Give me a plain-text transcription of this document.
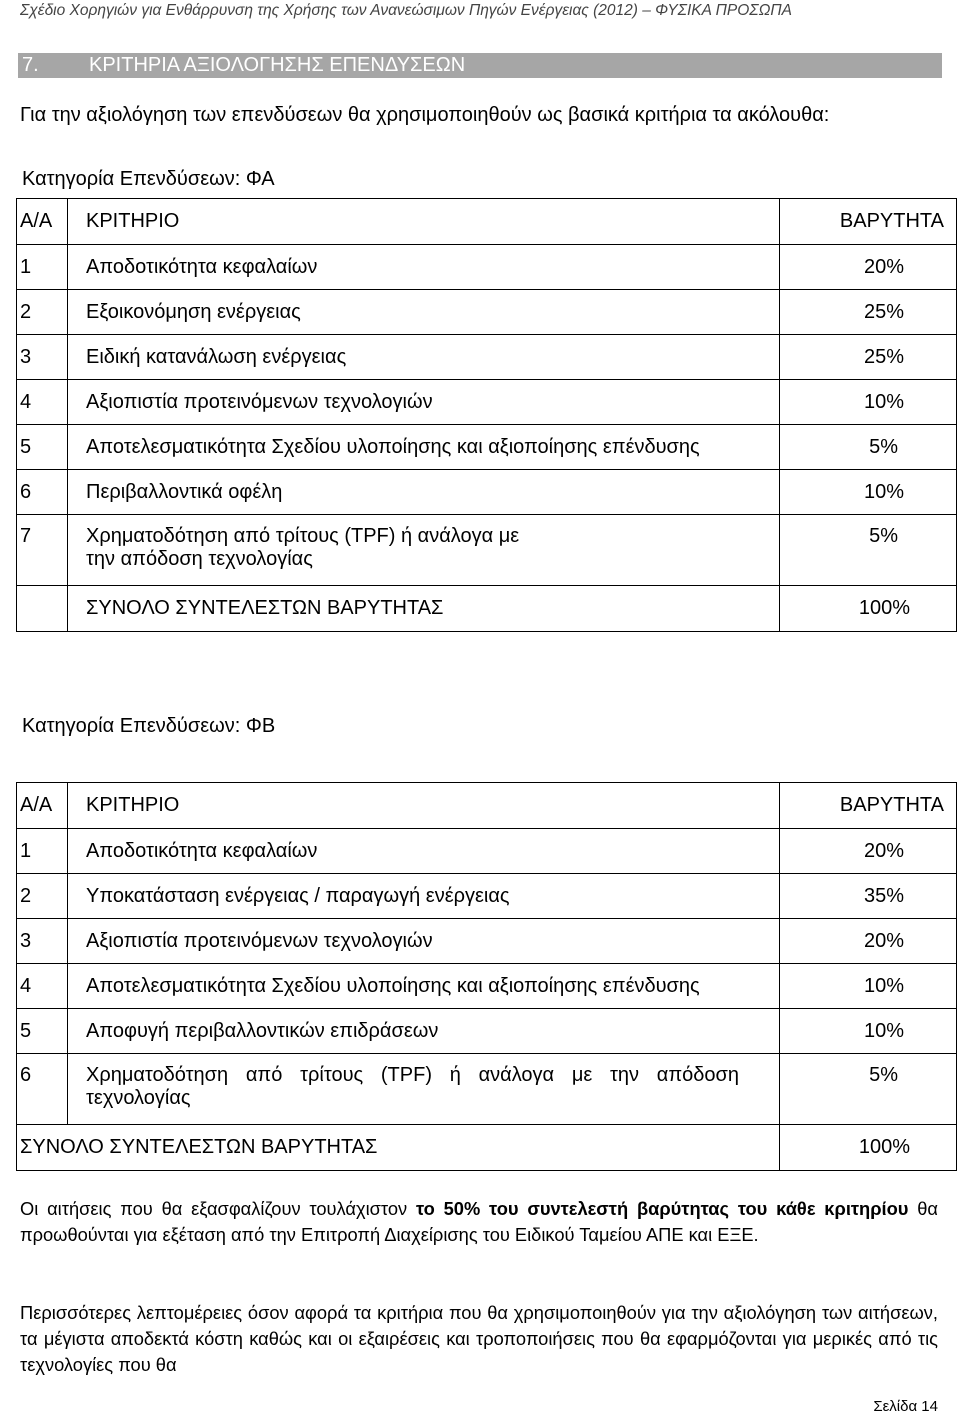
Σχέδιο Χορηγιών για Ενθάρρυνση της Χρήσης των Ανανεώσιμων Πηγών Ενέργειας (2012) – ΦΥΣΙΚΑ ΠΡΟΣΩΠΑ
7.	ΚΡΙΤΗΡΙΑ ΑΞΙΟΛΟΓΗΣΗΣ ΕΠΕΝΔΥΣΕΩΝ
Για την αξιολόγηση των επενδύσεων θα χρησιμοποιηθούν ως βασικά κριτήρια τα ακόλουθα:
Κατηγορία Επενδύσεων: ΦΑ
Α/Α	ΚΡΙΤΗΡΙΟ	ΒΑΡΥΤΗΤΑ
1	Αποδοτικότητα κεφαλαίων	20%
2	Εξοικονόμηση ενέργειας	25%
3	Ειδική κατανάλωση ενέργειας	25%
4	Αξιοπιστία προτεινόμενων τεχνολογιών	10%
5	Αποτελεσματικότητα Σχεδίου υλοποίησης και αξιοποίησης επένδυσης	5%
6	Περιβαλλοντικά οφέλη	10%
7	Χρηματοδότηση από τρίτους (TPF) ή ανάλογα με την απόδοση τεχνολογίας	5%
	ΣΥΝΟΛΟ ΣΥΝΤΕΛΕΣΤΩΝ ΒΑΡΥΤΗΤΑΣ	100%
Κατηγορία Επενδύσεων: ΦΒ
Α/Α	ΚΡΙΤΗΡΙΟ	ΒΑΡΥΤΗΤΑ
1	Αποδοτικότητα κεφαλαίων	20%
2	Υποκατάσταση ενέργειας / παραγωγή ενέργειας	35%
3	Αξιοπιστία προτεινόμενων τεχνολογιών	20%
4	Αποτελεσματικότητα Σχεδίου υλοποίησης και αξιοποίησης επένδυσης	10%
5	Αποφυγή περιβαλλοντικών επιδράσεων	10%
6	Χρηματοδότηση από τρίτους (TPF) ή ανάλογα με την απόδοση τεχνολογίας	5%
ΣΥΝΟΛΟ ΣΥΝΤΕΛΕΣΤΩΝ ΒΑΡΥΤΗΤΑΣ		100%
Οι αιτήσεις που θα εξασφαλίζουν τουλάχιστον το 50% του συντελεστή βαρύτητας του κάθε κριτηρίου θα προωθούνται για εξέταση από την Επιτροπή Διαχείρισης του Ειδικού Ταμείου ΑΠΕ και ΕΞΕ.
Περισσότερες λεπτομέρειες όσον αφορά τα κριτήρια που θα χρησιμοποιηθούν για την αξιολόγηση των αιτήσεων, τα μέγιστα αποδεκτά κόστη καθώς και οι εξαιρέσεις και τροποποιήσεις που θα εφαρμόζονται για μερικές από τις τεχνολογίες που θα
Σελίδα 14
